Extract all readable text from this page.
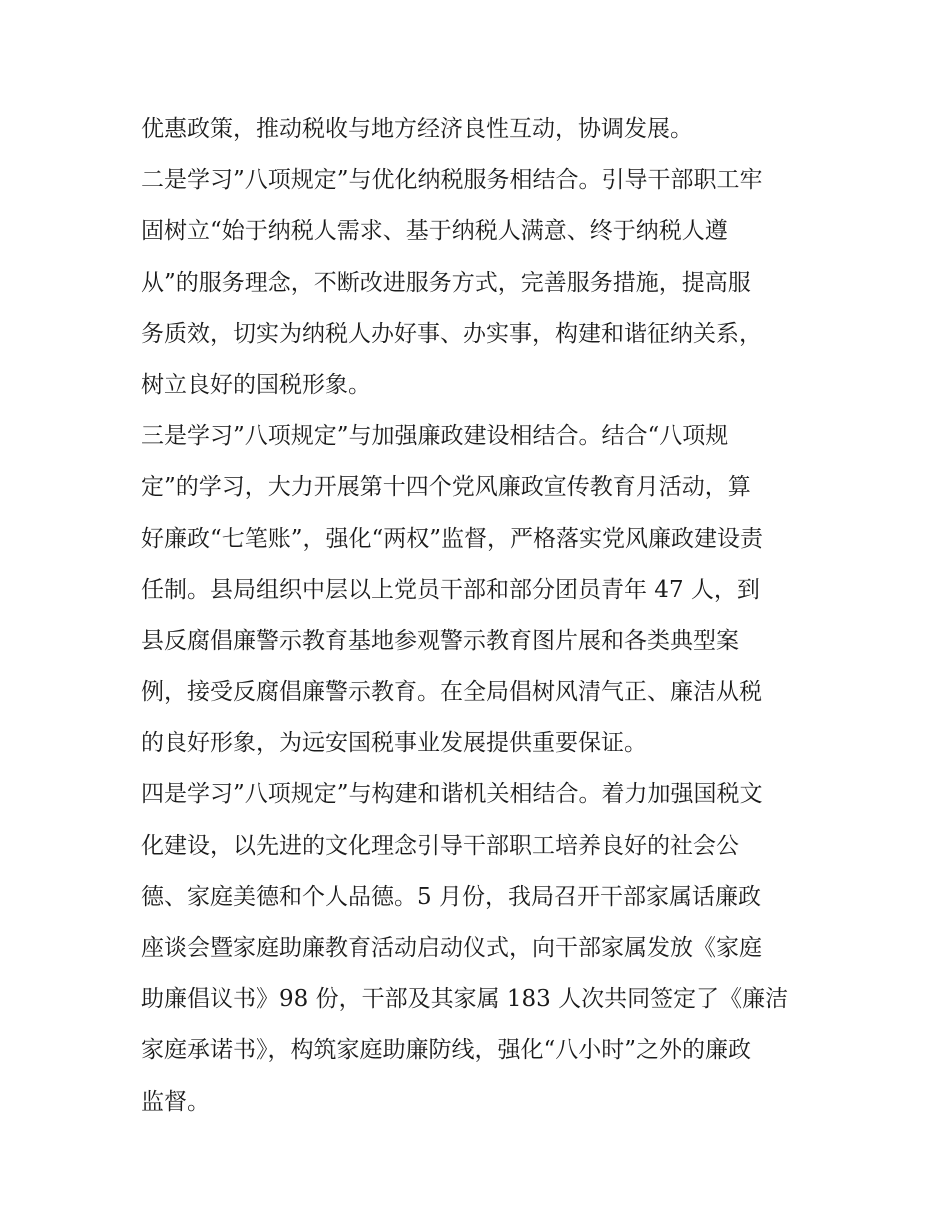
优惠政策，推动税收与地方经济良性互动，协调发展。
二是学习”八项规定”与优化纳税服务相结合。引导干部职工牢
固树立“始于纳税人需求、基于纳税人满意、终于纳税人遵
从”的服务理念，不断改进服务方式，完善服务措施，提高服
务质效，切实为纳税人办好事、办实事，构建和谐征纳关系，
树立良好的国税形象。
三是学习”八项规定”与加强廉政建设相结合。结合“八项规
定”的学习，大力开展第十四个党风廉政宣传教育月活动，算
好廉政“七笔账”，强化“两权”监督，严格落实党风廉政建设责
任制。县局组织中层以上党员干部和部分团员青年 47 人，到
县反腐倡廉警示教育基地参观警示教育图片展和各类典型案
例，接受反腐倡廉警示教育。在全局倡树风清气正、廉洁从税
的良好形象，为远安国税事业发展提供重要保证。
四是学习”八项规定”与构建和谐机关相结合。着力加强国税文
化建设，以先进的文化理念引导干部职工培养良好的社会公
德、家庭美德和个人品德。5 月份，我局召开干部家属话廉政
座谈会暨家庭助廉教育活动启动仪式，向干部家属发放《家庭
助廉倡议书》98 份，干部及其家属 183 人次共同签定了《廉洁
家庭承诺书》，构筑家庭助廉防线，强化“八小时”之外的廉政
监督。
